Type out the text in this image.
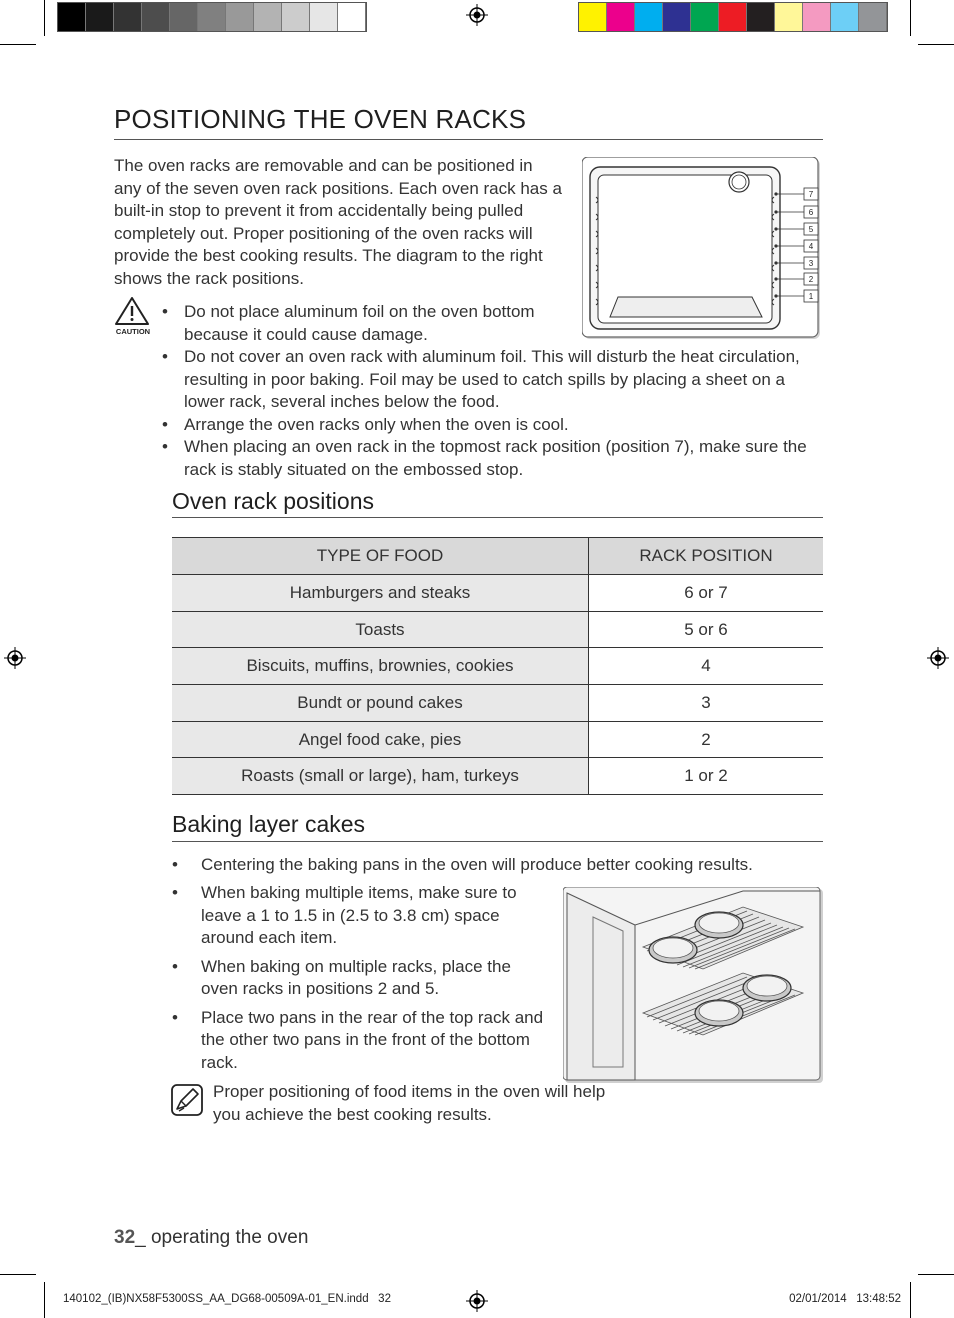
POSITIONING THE OVEN RACKS

The oven racks are removable and can be positioned in any of the seven oven rack positions. Each oven rack has a built-in stop to prevent it from accidentally being pulled completely out. Proper positioning of the oven racks will provide the best cooking results. The diagram to the right shows the rack positions.

7
6
5
4
3
2
1
CAUTION
• Do not place aluminum foil on the oven bottom because it could cause damage.
• Do not cover an oven rack with aluminum foil. This will disturb the heat circulation, resulting in poor baking. Foil may be used to catch spills by placing a sheet on a lower rack, several inches below the food.
• Arrange the oven racks only when the oven is cool.
• When placing an oven rack in the topmost rack position (position 7), make sure the rack is stably situated on the embossed stop.
Oven rack positions
TYPE OF FOOD	RACK POSITION
Hamburgers and steaks	6 or 7
Toasts	5 or 6
Biscuits, muffins, brownies, cookies	4
Bundt or pound cakes	3
Angel food cake, pies	2
Roasts (small or large), ham, turkeys	1 or 2
Baking layer cakes
• Centering the baking pans in the oven will produce better cooking results.
• When baking multiple items, make sure to leave a 1 to 1.5 in (2.5 to 3.8 cm) space around each item.
• When baking on multiple racks, place the oven racks in positions 2 and 5.
• Place two pans in the rear of the top rack and the other two pans in the front of the bottom rack.

Proper positioning of food items in the oven will help you achieve the best cooking results.

32_ operating the oven
140102_(IB)NX58F5300SS_AA_DG68-00509A-01_EN.indd   32	02/01/2014   13:48:52
